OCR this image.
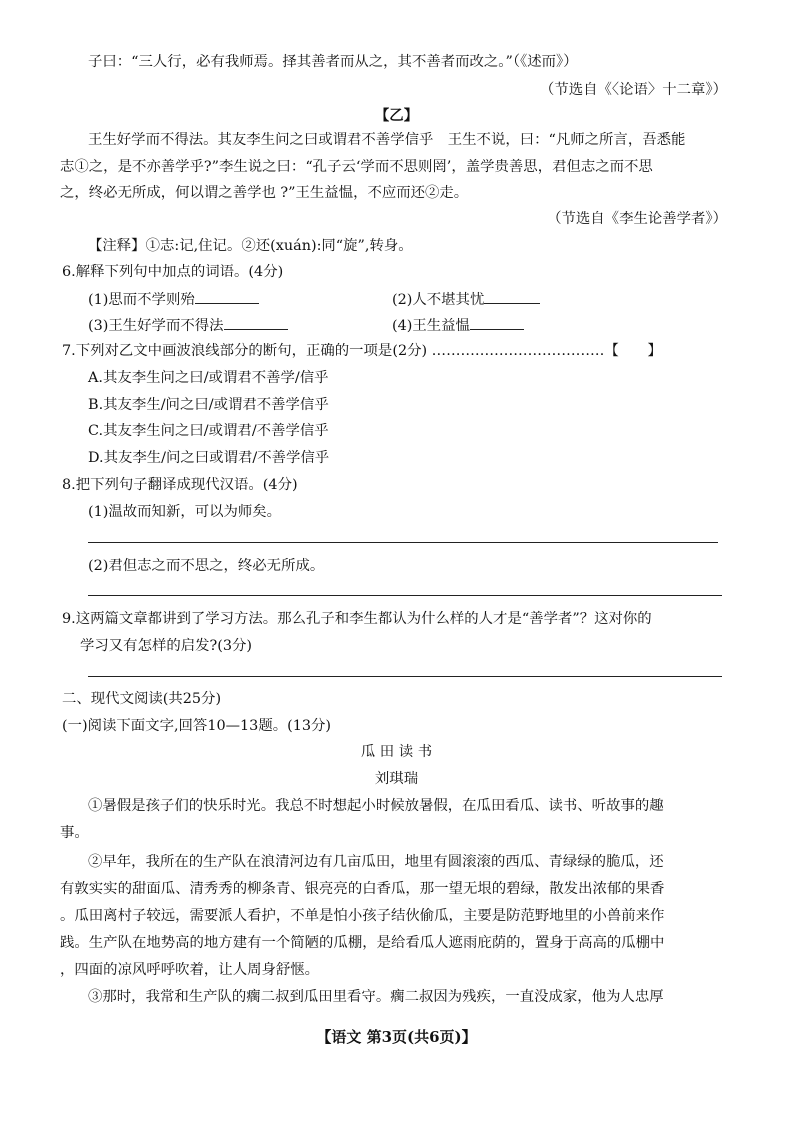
子曰：“三人行，必有我师焉。择其善者而从之，其不善者而改之。”（《述而》）
（节选自《〈论语〉十二章》）
【乙】
王生好学而不得法。其友李生问之曰或谓君不善学信乎　王生不说，曰：“凡师之所言，吾悉能
志①之，是不亦善学乎?”李生说之曰：“孔子云‘学而不思则罔’，盖学贵善思，君但志之而不思
之，终必无所成，何以谓之善学也 ?”王生益愠，不应而还②走。
（节选自《李生论善学者》）
【注释】①志:记,住记。②还(xuán):同“旋”,转身。
6.解释下列句中加点的词语。(4分)
(1)思而不学则殆	(2)人不堪其忧
(3)王生好学而不得法	(4)王生益愠
7.下列对乙文中画波浪线部分的断句，正确的一项是(2分) ………………………………【　　】
A.其友李生问之曰/或谓君不善学/信乎
B.其友李生/问之曰/或谓君不善学信乎
C.其友李生问之曰/或谓君/不善学信乎
D.其友李生/问之曰或谓君/不善学信乎
8.把下列句子翻译成现代汉语。(4分)
(1)温故而知新，可以为师矣。
(2)君但志之而不思之，终必无所成。
9.这两篇文章都讲到了学习方法。那么孔子和李生都认为什么样的人才是“善学者”？这对你的
学习又有怎样的启发?(3分)
二、现代文阅读(共25分)
(一)阅读下面文字,回答10—13题。(13分)
瓜 田 读 书
刘琪瑞
①暑假是孩子们的快乐时光。我总不时想起小时候放暑假，在瓜田看瓜、读书、听故事的趣
事。
②早年，我所在的生产队在浪清河边有几亩瓜田，地里有圆滚滚的西瓜、青绿绿的脆瓜，还
有敦实实的甜面瓜、清秀秀的柳条青、银亮亮的白香瓜，那一望无垠的碧绿，散发出浓郁的果香
。瓜田离村子较远，需要派人看护，不单是怕小孩子结伙偷瓜，主要是防范野地里的小兽前来作
践。生产队在地势高的地方建有一个简陋的瓜棚，是给看瓜人遮雨庇荫的，置身于高高的瓜棚中
，四面的凉风呼呼吹着，让人周身舒惬。
③那时，我常和生产队的瘸二叔到瓜田里看守。瘸二叔因为残疾，一直没成家，他为人忠厚
【语文 第3页(共6页)】
